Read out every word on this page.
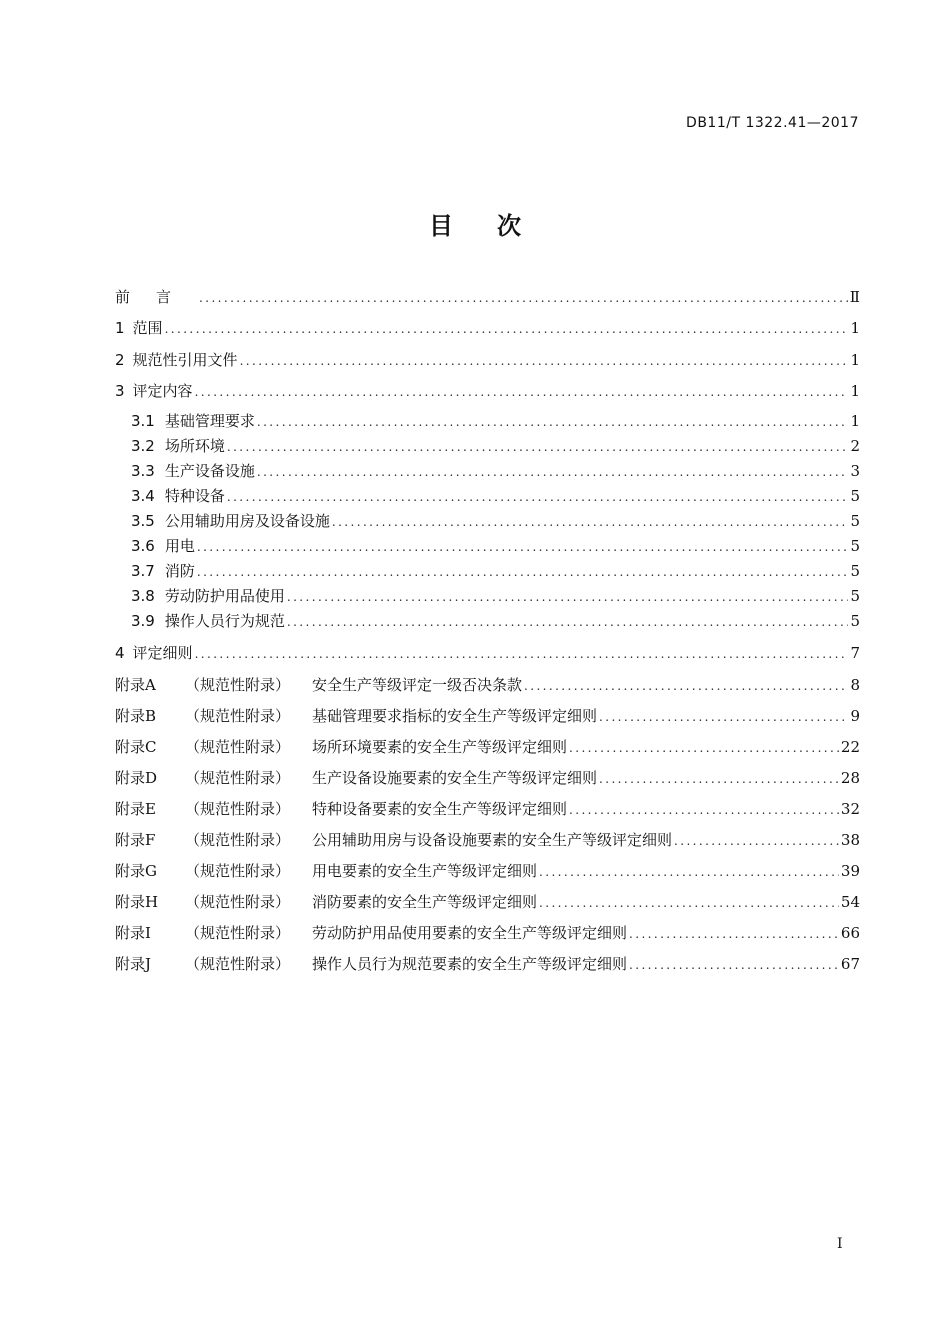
DB11/T 1322.41—2017
目次
前言 .....	Ⅱ
1 范围 .....	1
2 规范性引用文件 .....	1
3 评定内容 .....	1
3.1 基础管理要求 .....	1
3.2 场所环境 .....	2
3.3 生产设备设施 .....	3
3.4 特种设备 .....	5
3.5 公用辅助用房及设备设施 .....	5
3.6 用电 .....	5
3.7 消防 .....	5
3.8 劳动防护用品使用 .....	5
3.9 操作人员行为规范 .....	5
4 评定细则 .....	7
附录A	（规范性附录）	安全生产等级评定一级否决条款 .....	8
附录B	（规范性附录）	基础管理要求指标的安全生产等级评定细则 .....	9
附录C	（规范性附录）	场所环境要素的安全生产等级评定细则 .....	22
附录D	（规范性附录）	生产设备设施要素的安全生产等级评定细则 .....	28
附录E	（规范性附录）	特种设备要素的安全生产等级评定细则 .....	32
附录F	（规范性附录）	公用辅助用房与设备设施要素的安全生产等级评定细则 .....	38
附录G	（规范性附录）	用电要素的安全生产等级评定细则 .....	39
附录H	（规范性附录）	消防要素的安全生产等级评定细则 .....	54
附录I	（规范性附录）	劳动防护用品使用要素的安全生产等级评定细则 .....	66
附录J	（规范性附录）	操作人员行为规范要素的安全生产等级评定细则 .....	67
I
